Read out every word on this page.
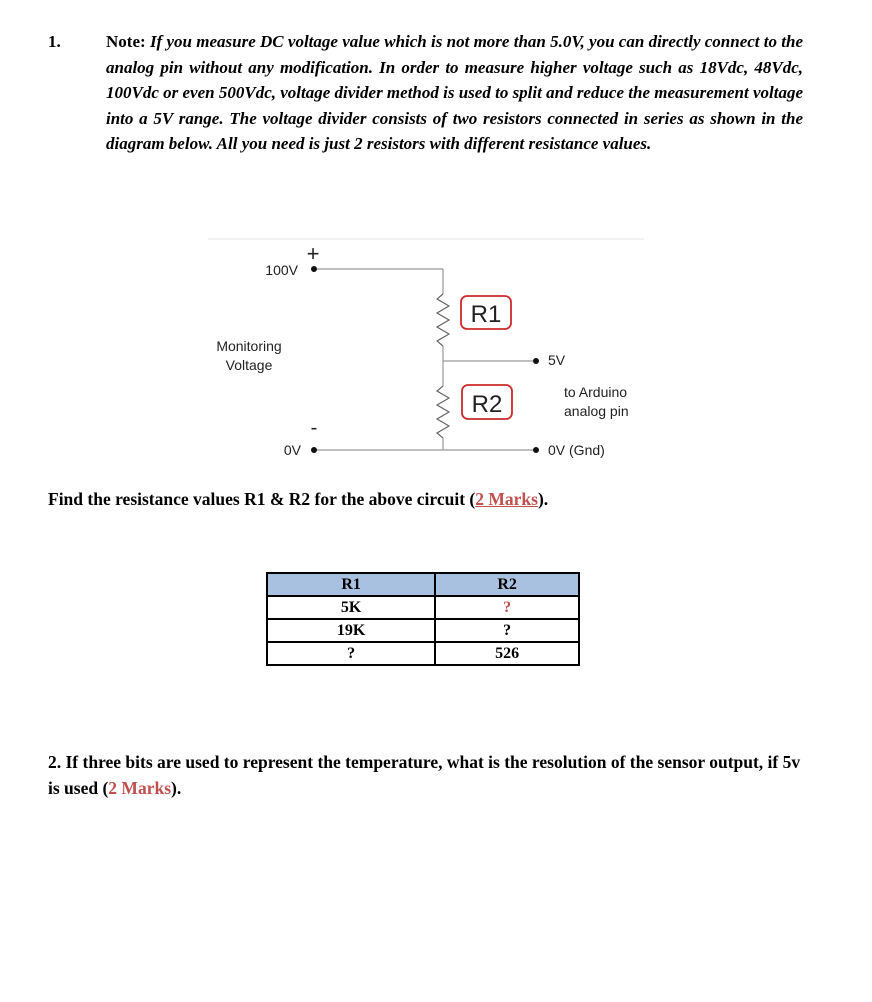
1.	Note: If you measure DC voltage value which is not more than 5.0V, you can directly connect to the analog pin without any modification. In order to measure higher voltage such as 18Vdc, 48Vdc, 100Vdc or even 500Vdc, voltage divider method is used to split and reduce the measurement voltage into a 5V range. The voltage divider consists of two resistors connected in series as shown in the diagram below. All you need is just 2 resistors with different resistance values.
+
100V
R1
R2
Monitoring
Voltage	5V
to Arduino
analog pin
-
0V	0V (Gnd)
Find the resistance values R1 & R2 for the above circuit (2 Marks).
R1	R2
5K	?
19K	?
?	526
2. If three bits are used to represent the temperature, what is the resolution of the sensor output, if 5v is used (2 Marks).
